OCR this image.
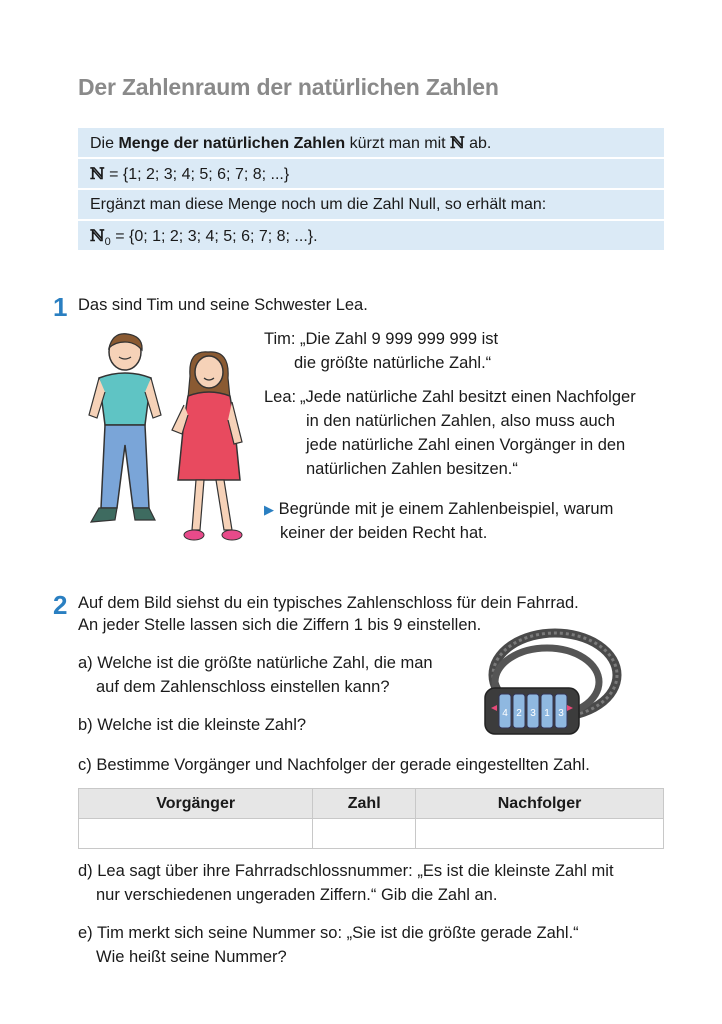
Der Zahlenraum der natürlichen Zahlen
Die Menge der natürlichen Zahlen kürzt man mit ℕ ab.
ℕ = {1; 2; 3; 4; 5; 6; 7; 8; ...}
Ergänzt man diese Menge noch um die Zahl Null, so erhält man:
ℕ$_0$ = {0; 1; 2; 3; 4; 5; 6; 7; 8; ...}.
1 Das sind Tim und seine Schwester Lea.
Tim: „Die Zahl 9 999 999 999 ist
die größte natürliche Zahl.“
Lea: „Jede natürliche Zahl besitzt einen Nachfolger
in den natürlichen Zahlen, also muss auch
jede natürliche Zahl einen Vorgänger in den
natürlichen Zahlen besitzen.“
▶ Begründe mit je einem Zahlenbeispiel, warum
keiner der beiden Recht hat.
2 Auf dem Bild siehst du ein typisches Zahlenschloss für dein Fahrrad.
An jeder Stelle lassen sich die Ziffern 1 bis 9 einstellen.
a) Welche ist die größte natürliche Zahl, die man
auf dem Zahlenschloss einstellen kann?
b) Welche ist die kleinste Zahl?
c) Bestimme Vorgänger und Nachfolger der gerade eingestellten Zahl.
4 2 3 1 3
Vorgänger	Zahl	Nachfolger

d) Lea sagt über ihre Fahrradschlossnummer: „Es ist die kleinste Zahl mit
nur verschiedenen ungeraden Ziffern.“ Gib die Zahl an.
e) Tim merkt sich seine Nummer so: „Sie ist die größte gerade Zahl.“
Wie heißt seine Nummer?
